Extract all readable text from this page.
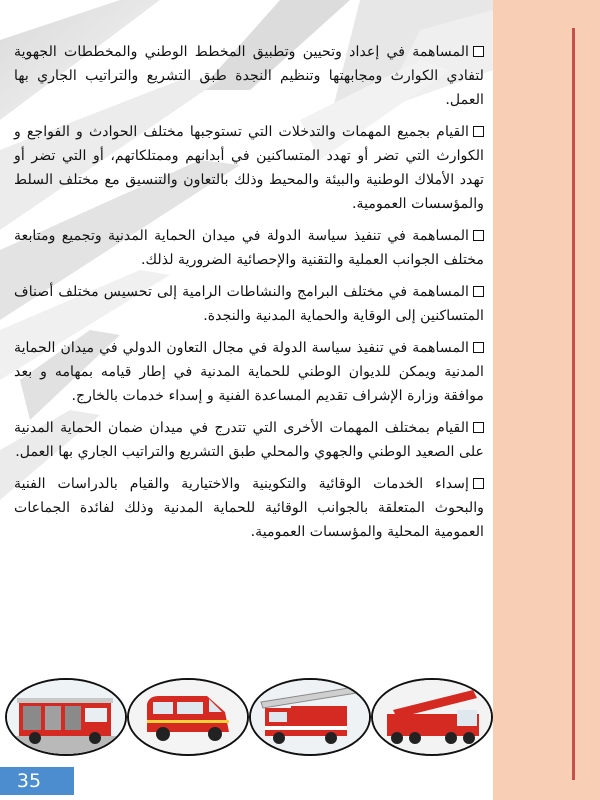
المساهمة في إعداد وتحيين وتطبيق المخطط الوطني والمخططات الجهوية لتفادي الكوارث ومجابهتها وتنظيم النجدة طبق التشريع والتراتيب الجاري بها العمل.

القيام بجميع المهمات والتدخلات التي تستوجبها مختلف الحوادث و الفواجع و الكوارث التي تضر أو تهدد المتساكنين في أبدانهم وممتلكاتهم، أو التي تضر أو تهدد الأملاك الوطنية والبيئة والمحيط وذلك بالتعاون والتنسيق مع مختلف السلط والمؤسسات العمومية.

المساهمة في تنفيذ سياسة الدولة في ميدان الحماية المدنية وتجميع ومتابعة مختلف الجوانب العملية والتقنية والإحصائية الضرورية لذلك.

المساهمة في مختلف البرامج والنشاطات الرامية إلى تحسيس مختلف أصناف المتساكنين إلى الوقاية والحماية المدنية والنجدة.

المساهمة في تنفيذ سياسة الدولة في مجال التعاون الدولي في ميدان الحماية المدنية ويمكن للديوان الوطني للحماية المدنية في إطار قيامه بمهامه و بعد موافقة وزارة الإشراف تقديم المساعدة الفنية و إسداء خدمات بالخارج.

القيام بمختلف المهمات الأخرى التي تتدرج في ميدان ضمان الحماية المدنية على الصعيد الوطني والجهوي والمحلي طبق التشريع والتراتيب الجاري بها العمل.

إسداء الخدمات الوقائية والتكوينية والاختيارية والقيام بالدراسات الفنية والبحوث المتعلقة بالجوانب الوقائية للحماية المدنية وذلك لفائدة الجماعات العمومية المحلية والمؤسسات العمومية.

35
